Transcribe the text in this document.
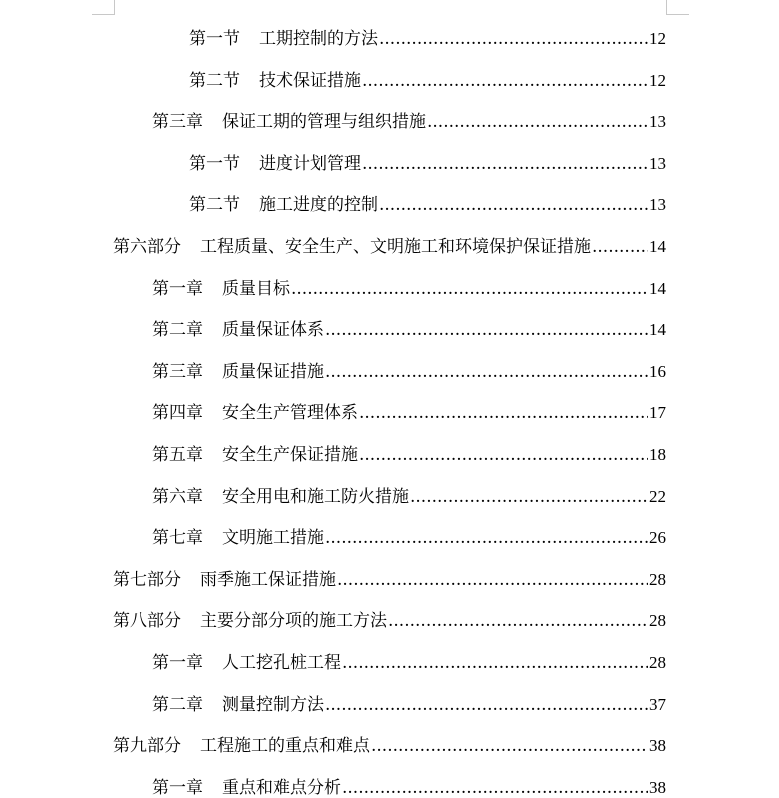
第一节 工期控制的方法 .....	12
第二节 技术保证措施 .....	12
第三章 保证工期的管理与组织措施 .....	13
第一节 进度计划管理 .....	13
第二节 施工进度的控制 .....	13
第六部分 工程质量、安全生产、文明施工和环境保护保证措施 .....	14
第一章 质量目标 .....	14
第二章 质量保证体系 .....	14
第三章 质量保证措施 .....	16
第四章 安全生产管理体系 .....	17
第五章 安全生产保证措施 .....	18
第六章 安全用电和施工防火措施 .....	22
第七章 文明施工措施 .....	26
第七部分 雨季施工保证措施 .....	28
第八部分 主要分部分项的施工方法 .....	28
第一章 人工挖孔桩工程 .....	28
第二章 测量控制方法 .....	37
第九部分 工程施工的重点和难点 .....	38
第一章 重点和难点分析 .....	38
